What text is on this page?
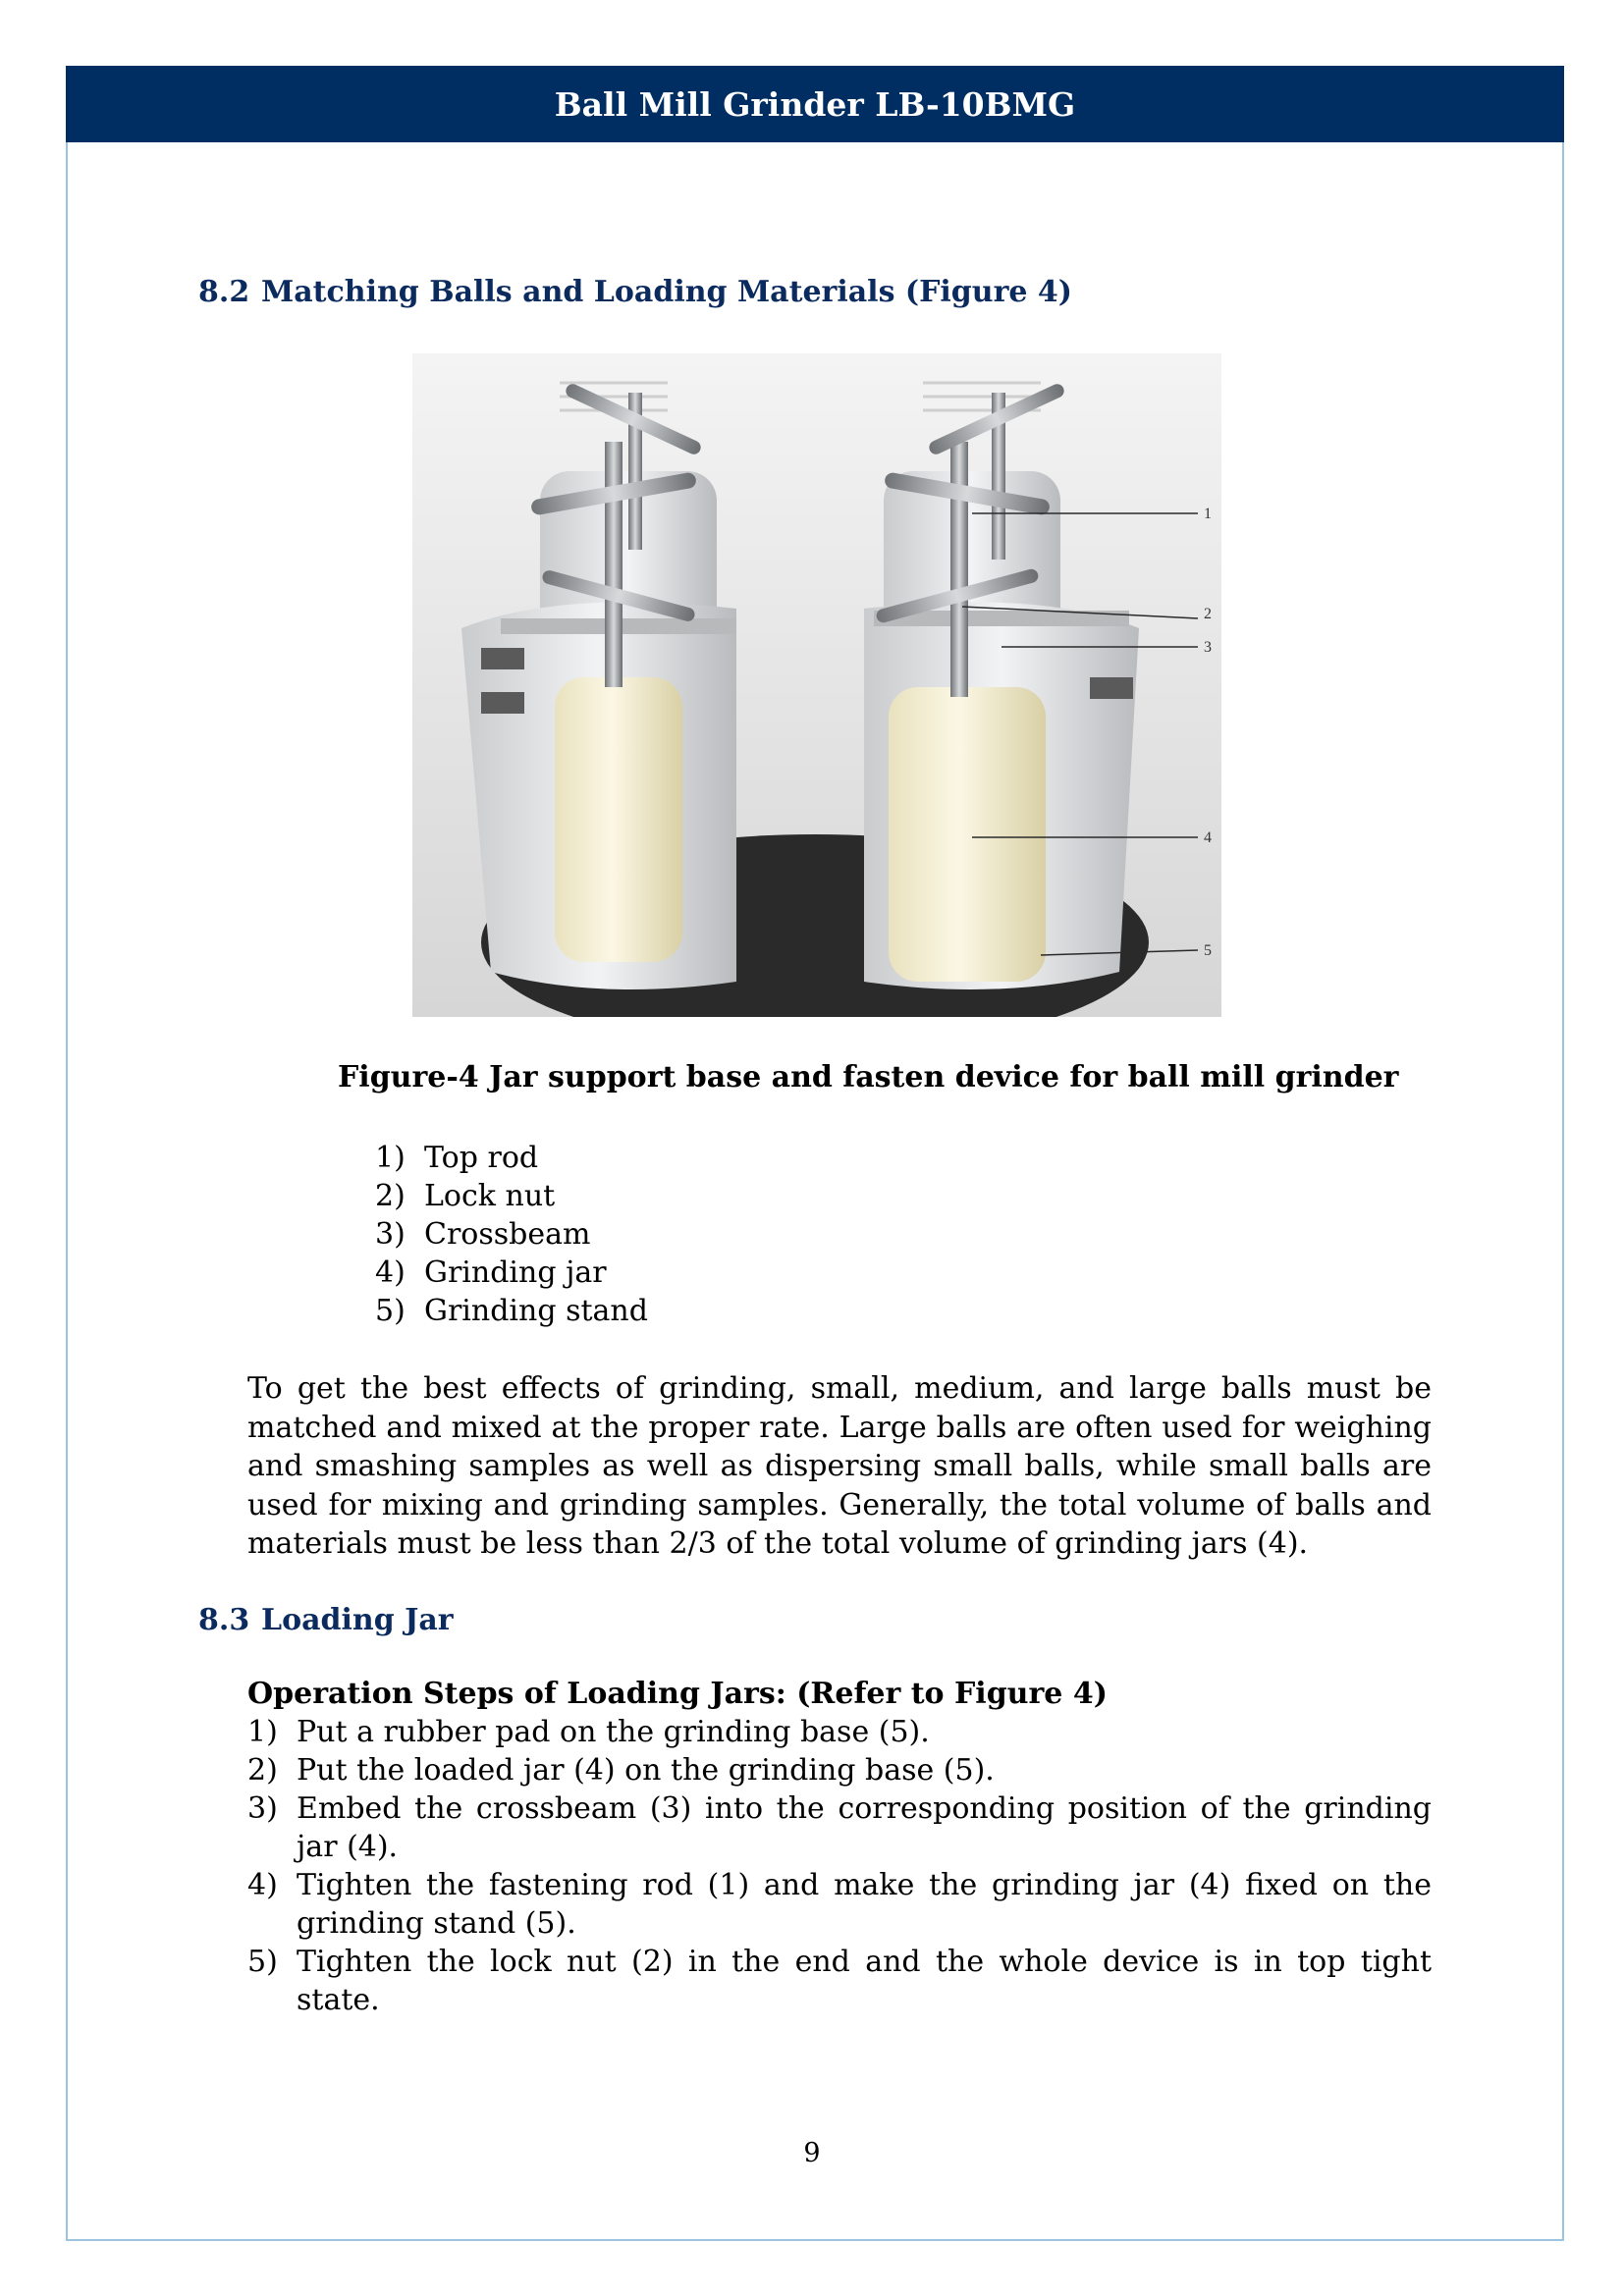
Ball Mill Grinder LB-10BMG
8.2 Matching Balls and Loading Materials (Figure 4)
1
2
3
4
5
Figure-4 Jar support base and fasten device for ball mill grinder
1) Top rod
2) Lock nut
3) Crossbeam
4) Grinding jar
5) Grinding stand

To get the best effects of grinding, small, medium, and large balls must be matched and mixed at the proper rate. Large balls are often used for weighing and smashing samples as well as dispersing small balls, while small balls are used for mixing and grinding samples. Generally, the total volume of balls and materials must be less than 2/3 of the total volume of grinding jars (4).

8.3 Loading Jar
Operation Steps of Loading Jars: (Refer to Figure 4)
1) Put a rubber pad on the grinding base (5).
2) Put the loaded jar (4) on the grinding base (5).
3) Embed the crossbeam (3) into the corresponding position of the grinding jar (4).
4) Tighten the fastening rod (1) and make the grinding jar (4) fixed on the grinding stand (5).
5) Tighten the lock nut (2) in the end and the whole device is in top tight state.
9
